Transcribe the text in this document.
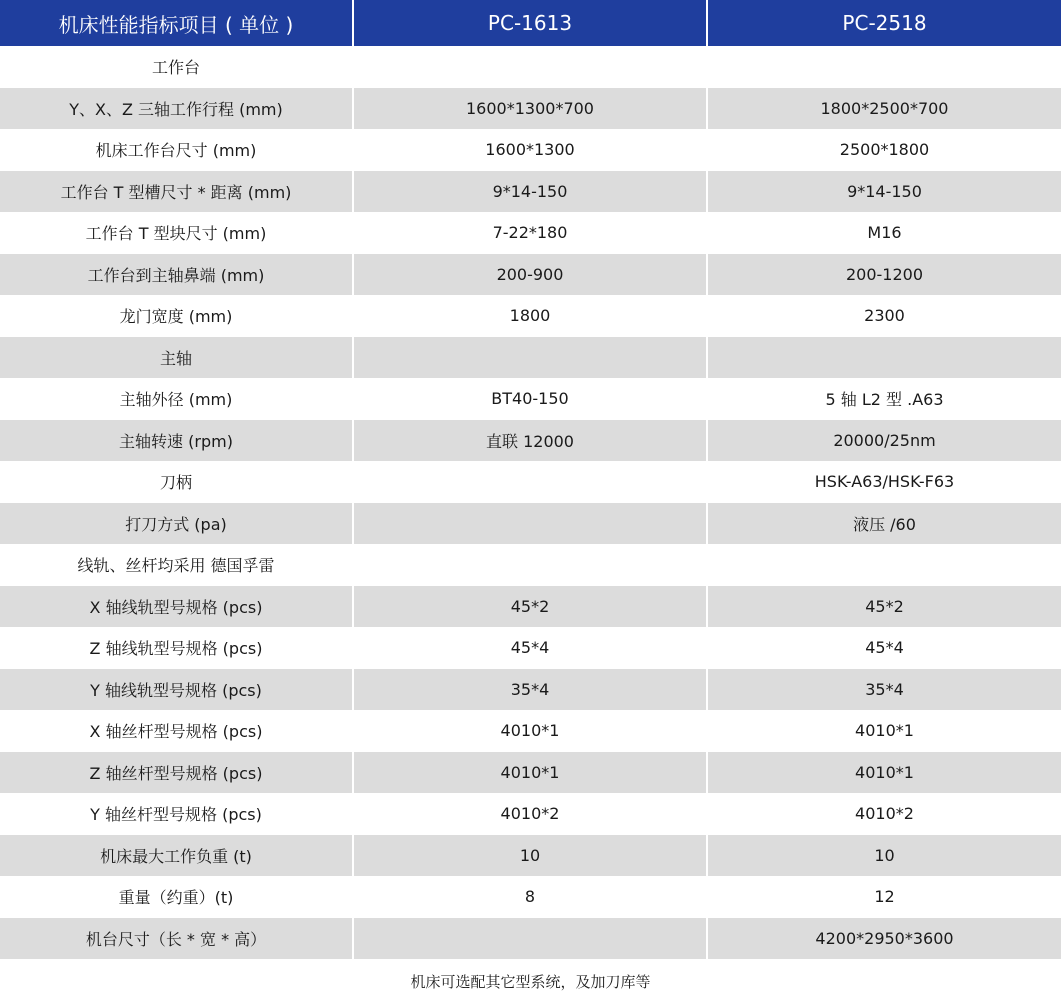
机床性能指标项目 ( 单位 )	PC-1613	PC-2518
工作台		
Y、X、Z 三轴工作行程 (mm)	1600*1300*700	1800*2500*700
机床工作台尺寸 (mm)	1600*1300	2500*1800
工作台 T 型槽尺寸 * 距离 (mm)	9*14-150	9*14-150
工作台 T 型块尺寸 (mm)	7-22*180	M16
工作台到主轴鼻端 (mm)	200-900	200-1200
龙门宽度 (mm)	1800	2300
主轴		
主轴外径 (mm)	BT40-150	5 轴 L2 型 .A63
主轴转速 (rpm)	直联 12000	20000/25nm
刀柄		HSK-A63/HSK-F63
打刀方式 (pa)		液压 /60
线轨、丝杆均采用 德国孚雷		
X 轴线轨型号规格 (pcs)	45*2	45*2
Z 轴线轨型号规格 (pcs)	45*4	45*4
Y 轴线轨型号规格 (pcs)	35*4	35*4
X 轴丝杆型号规格 (pcs)	4010*1	4010*1
Z 轴丝杆型号规格 (pcs)	4010*1	4010*1
Y 轴丝杆型号规格 (pcs)	4010*2	4010*2
机床最大工作负重 (t)	10	10
重量（约重）(t)	8	12
机台尺寸（长 * 宽 * 高）		4200*2950*3600
机床可选配其它型系统，及加刀库等
